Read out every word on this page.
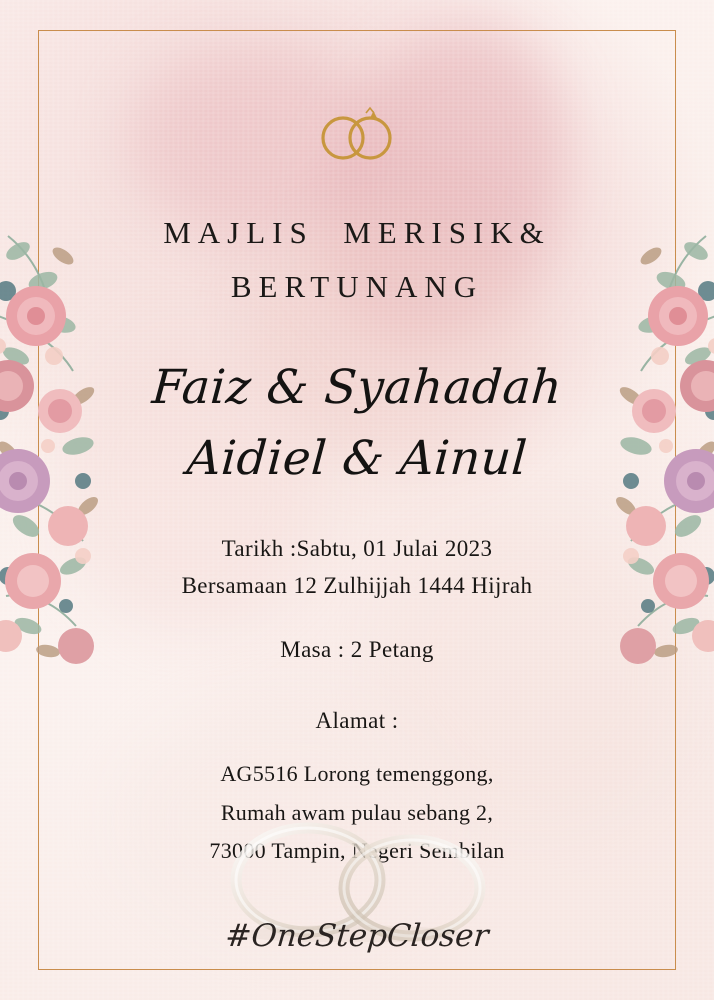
MAJLIS  MERISIK&
BERTUNANG
Faiz & Syahadah
Aidiel & Ainul
Tarikh :Sabtu, 01 Julai 2023
Bersamaan 12 Zulhijjah 1444 Hijrah
Masa : 2 Petang
Alamat :
AG5516 Lorong temenggong,
Rumah awam pulau sebang 2,
73000 Tampin, Negeri Sembilan
#OneStepCloser
